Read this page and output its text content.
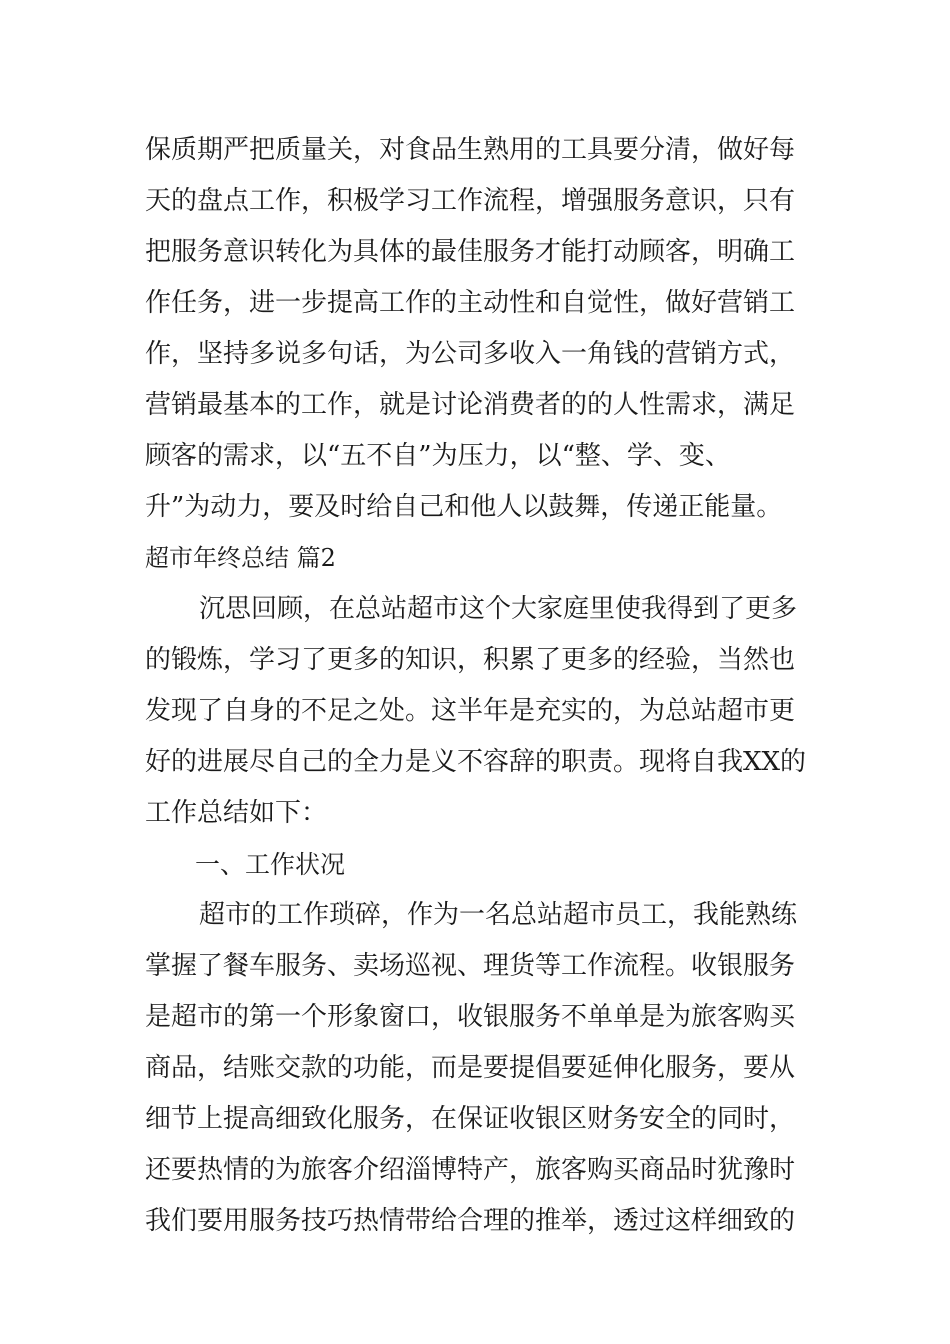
保质期严把质量关，对食品生熟用的工具要分清，做好每
天的盘点工作，积极学习工作流程，增强服务意识，只有
把服务意识转化为具体的最佳服务才能打动顾客，明确工
作任务，进一步提高工作的主动性和自觉性，做好营销工
作，坚持多说多句话，为公司多收入一角钱的营销方式，
营销最基本的工作，就是讨论消费者的的人性需求，满足
顾客的需求，以“五不自”为压力，以“整、学、变、
升”为动力，要及时给自己和他人以鼓舞，传递正能量。
超市年终总结 篇2
沉思回顾，在总站超市这个大家庭里使我得到了更多
的锻炼，学习了更多的知识，积累了更多的经验，当然也
发现了自身的不足之处。这半年是充实的，为总站超市更
好的进展尽自己的全力是义不容辞的职责。现将自我XX的
工作总结如下：
一、工作状况
超市的工作琐碎，作为一名总站超市员工，我能熟练
掌握了餐车服务、卖场巡视、理货等工作流程。收银服务
是超市的第一个形象窗口，收银服务不单单是为旅客购买
商品，结账交款的功能，而是要提倡要延伸化服务，要从
细节上提高细致化服务，在保证收银区财务安全的同时，
还要热情的为旅客介绍淄博特产，旅客购买商品时犹豫时
我们要用服务技巧热情带给合理的推举，透过这样细致的
